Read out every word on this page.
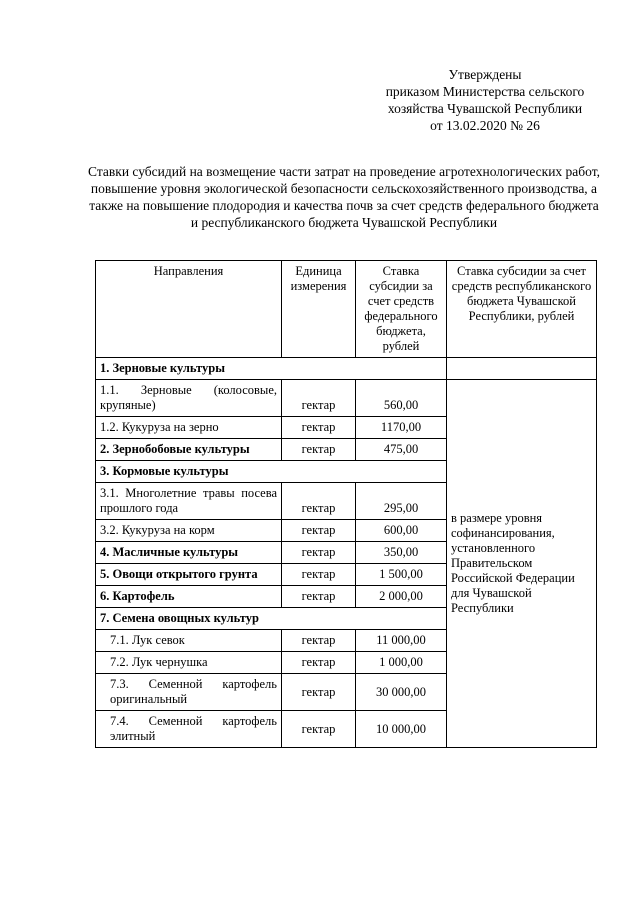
Утверждены
приказом Министерства сельского
хозяйства Чувашской Республики
от 13.02.2020 № 26
Ставки субсидий на возмещение части затрат на проведение агротехнологических работ, повышение уровня экологической безопасности сельскохозяйственного производства, а также на повышение плодородия и качества почв за счет средств федерального бюджета и республиканского бюджета Чувашской Республики
Направления	Единица измерения	Ставка субсидии за счет средств федерального бюджета, рублей	Ставка субсидии за счет средств республиканского бюджета Чувашской Республики, рублей
1. Зерновые культуры			
1.1. Зерновые (колосовые, крупяные)	гектар	560,00	в размере уровня софинансирования, установленного Правительском Российской Федерации для Чувашской Республики
1.2. Кукуруза на зерно	гектар	1170,00	
2. Зернобобовые культуры	гектар	475,00	
3. Кормовые культуры			
3.1. Многолетние травы посева прошлого года	гектар	295,00	
3.2. Кукуруза на корм	гектар	600,00	
4. Масличные культуры	гектар	350,00	
5. Овощи открытого грунта	гектар	1 500,00	
6. Картофель	гектар	2 000,00	
7. Семена овощных культур			
7.1. Лук севок	гектар	11 000,00	
7.2. Лук чернушка	гектар	1 000,00	
7.3. Семенной картофель оригинальный	гектар	30 000,00	
7.4. Семенной картофель элитный	гектар	10 000,00	
